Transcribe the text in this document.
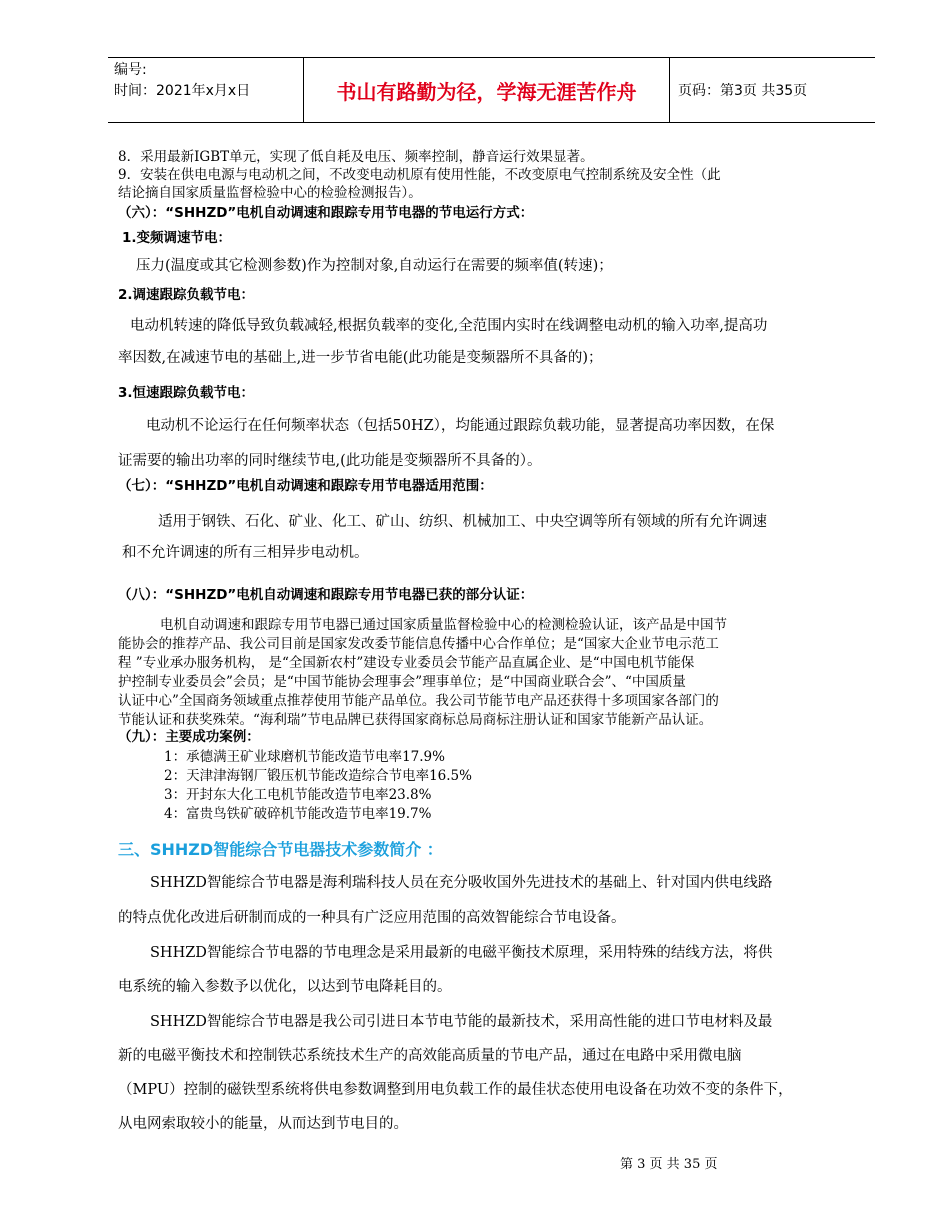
编号:
时间：2021年x月x日	书山有路勤为径，学海无涯苦作舟	页码：第3页 共35页
8．采用最新IGBT单元，实现了低自耗及电压、频率控制，静音运行效果显著。
9．安装在供电电源与电动机之间，不改变电动机原有使用性能，不改变原电气控制系统及安全性（此
结论摘自国家质量监督检验中心的检验检测报告）。
（六）：“SHHZD”电机自动调速和跟踪专用节电器的节电运行方式：
1.变频调速节电：
压力(温度或其它检测参数)作为控制对象,自动运行在需要的频率值(转速)；
2.调速跟踪负载节电：
电动机转速的降低导致负载减轻,根据负载率的变化,全范围内实时在线调整电动机的输入功率,提高功
率因数,在减速节电的基础上,进一步节省电能(此功能是变频器所不具备的)；
3.恒速跟踪负载节电：
电动机不论运行在任何频率状态（包括50HZ），均能通过跟踪负载功能，显著提高功率因数，在保
证需要的输出功率的同时继续节电,(此功能是变频器所不具备的）。
（七）：“SHHZD”电机自动调速和跟踪专用节电器适用范围：
适用于钢铁、石化、矿业、化工、矿山、纺织、机械加工、中央空调等所有领域的所有允许调速
和不允许调速的所有三相异步电动机。
（八）：“SHHZD”电机自动调速和跟踪专用节电器已获的部分认证：
电机自动调速和跟踪专用节电器已通过国家质量监督检验中心的检测检验认证，该产品是中国节
能协会的推荐产品、我公司目前是国家发改委节能信息传播中心合作单位；是“国家大企业节电示范工
程 ”专业承办服务机构， 是“全国新农村”建设专业委员会节能产品直属企业、是“中国电机节能保
护控制专业委员会”会员；是“中国节能协会理事会”理事单位；是“中国商业联合会”、“中国质量
认证中心”全国商务领域重点推荐使用节能产品单位。我公司节能节电产品还获得十多项国家各部门的
节能认证和获奖殊荣。“海利瑞”节电品牌已获得国家商标总局商标注册认证和国家节能新产品认证。
（九）：主要成功案例：
1：承德满王矿业球磨机节能改造节电率17.9%
2：天津津海钢厂锻压机节能改造综合节电率16.5%
3：开封东大化工电机节能改造节电率23.8%
4：富贵鸟铁矿破碎机节能改造节电率19.7%
三、SHHZD智能综合节电器技术参数简介 ：
SHHZD智能综合节电器是海利瑞科技人员在充分吸收国外先进技术的基础上、针对国内供电线路
的特点优化改进后研制而成的一种具有广泛应用范围的高效智能综合节电设备。
SHHZD智能综合节电器的节电理念是采用最新的电磁平衡技术原理，采用特殊的结线方法，将供
电系统的输入参数予以优化，以达到节电降耗目的。
SHHZD智能综合节电器是我公司引进日本节电节能的最新技术，采用高性能的进口节电材料及最
新的电磁平衡技术和控制铁芯系统技术生产的高效能高质量的节电产品，通过在电路中采用微电脑
（MPU）控制的磁铁型系统将供电参数调整到用电负载工作的最佳状态使用电设备在功效不变的条件下，
从电网索取较小的能量，从而达到节电目的。
第 3 页 共 35 页
